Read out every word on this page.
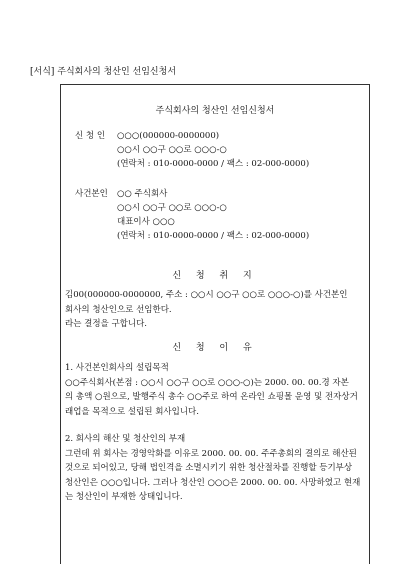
[서식] 주식회사의 청산인 선임신청서
주식회사의 청산인 선임신청서
신 청 인 ○○○(000000-0000000)
○○시 ○○구 ○○로 ○○○-○
(연락처 : 010-0000-0000 / 팩스 : 02-000-0000)
사건본인 ○○ 주식회사
○○시 ○○구 ○○로 ○○○-○
대표이사 ○○○
(연락처 : 010-0000-0000 / 팩스 : 02-000-0000)
신 청 취 지
김00(000000-0000000, 주소 : ○○시 ○○구 ○○로 ○○○-○)를 사건본인
회사의 청산인으로 선임한다.
라는 결정을 구합니다.
신 청 이 유
1. 사건본인회사의 설립목적
○○주식회사(본점 : ○○시 ○○구 ○○로 ○○○-○)는 2000. 00. 00.경 자본
의 총액 ○원으로, 발행주식 총수 ○○주로 하여 온라인 쇼핑몰 운영 및 전자상거
래업을 목적으로 설립된 회사입니다.
2. 회사의 해산 및 청산인의 부재
그런데 위 회사는 경영악화를 이유로 2000. 00. 00. 주주총회의 결의로 해산된
것으로 되어있고, 당해 법인격을 소멸시키기 위한 청산절차를 진행할 등기부상
청산인은 ○○○입니다. 그러나 청산인 ○○○은 2000. 00. 00. 사망하였고 현재
는 청산인이 부재한 상태입니다.
